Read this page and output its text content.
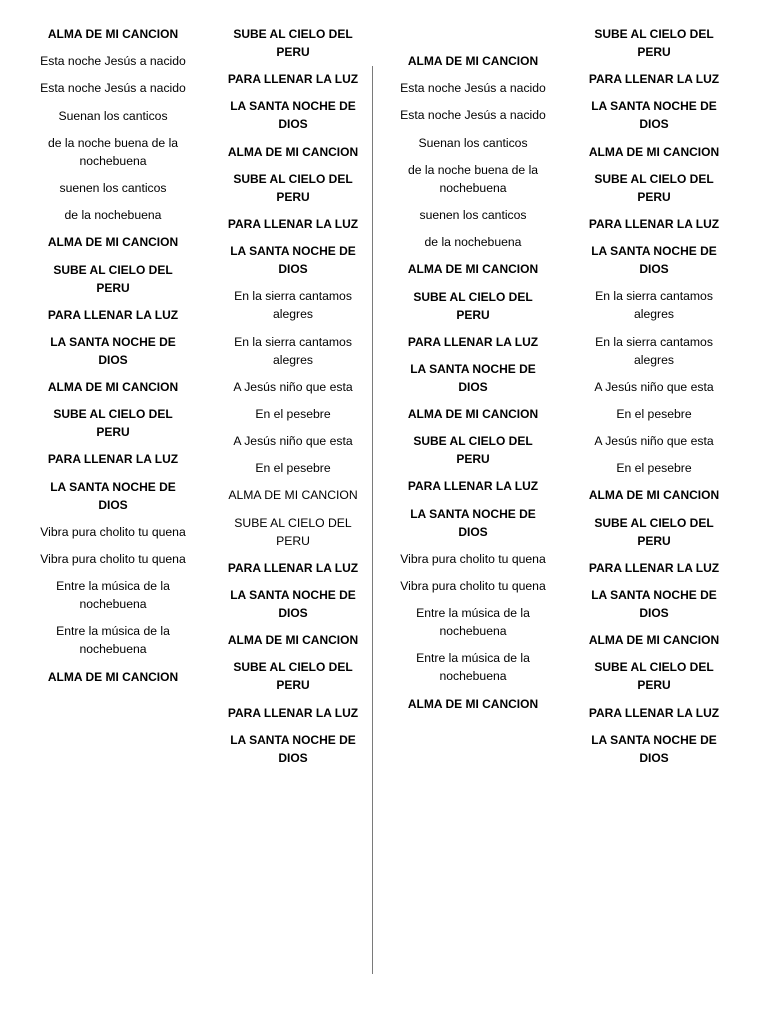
ALMA DE MI CANCION

Esta noche Jesús a nacido

Esta noche Jesús a nacido

Suenan los canticos

de la noche buena de la nochebuena

suenen los canticos

de la nochebuena

ALMA DE MI CANCION

SUBE AL CIELO DEL PERU

PARA LLENAR LA LUZ

LA SANTA NOCHE DE DIOS

ALMA DE MI CANCION

SUBE AL CIELO DEL PERU

PARA LLENAR LA LUZ

LA SANTA NOCHE DE DIOS

Vibra pura cholito tu quena

Vibra pura cholito tu quena

Entre la música de la nochebuena

Entre la música de la nochebuena

ALMA DE MI CANCION

SUBE AL CIELO DEL PERU

PARA LLENAR LA LUZ

LA SANTA NOCHE DE DIOS

ALMA DE MI CANCION

SUBE AL CIELO DEL PERU

PARA LLENAR LA LUZ

LA SANTA NOCHE DE DIOS

En la sierra cantamos alegres

En la sierra cantamos alegres

A Jesús niño que esta

En el pesebre

A Jesús niño que esta

En el pesebre

ALMA DE MI CANCION

SUBE AL CIELO DEL PERU

PARA LLENAR LA LUZ

LA SANTA NOCHE DE DIOS

ALMA DE MI CANCION

SUBE AL CIELO DEL PERU

PARA LLENAR LA LUZ

LA SANTA NOCHE DE DIOS

ALMA DE MI CANCION

Esta noche Jesús a nacido

Esta noche Jesús a nacido

Suenan los canticos

de la noche buena de la nochebuena

suenen los canticos

de la nochebuena

ALMA DE MI CANCION

SUBE AL CIELO DEL PERU

PARA LLENAR LA LUZ

LA SANTA NOCHE DE DIOS

ALMA DE MI CANCION

SUBE AL CIELO DEL PERU

PARA LLENAR LA LUZ

LA SANTA NOCHE DE DIOS

Vibra pura cholito tu quena

Vibra pura cholito tu quena

Entre la música de la nochebuena

Entre la música de la nochebuena

ALMA DE MI CANCION

SUBE AL CIELO DEL PERU

PARA LLENAR LA LUZ

LA SANTA NOCHE DE DIOS

ALMA DE MI CANCION

SUBE AL CIELO DEL PERU

PARA LLENAR LA LUZ

LA SANTA NOCHE DE DIOS

En la sierra cantamos alegres

En la sierra cantamos alegres

A Jesús niño que esta

En el pesebre

A Jesús niño que esta

En el pesebre

ALMA DE MI CANCION

SUBE AL CIELO DEL PERU

PARA LLENAR LA LUZ

LA SANTA NOCHE DE DIOS

ALMA DE MI CANCION

SUBE AL CIELO DEL PERU

PARA LLENAR LA LUZ

LA SANTA NOCHE DE DIOS
